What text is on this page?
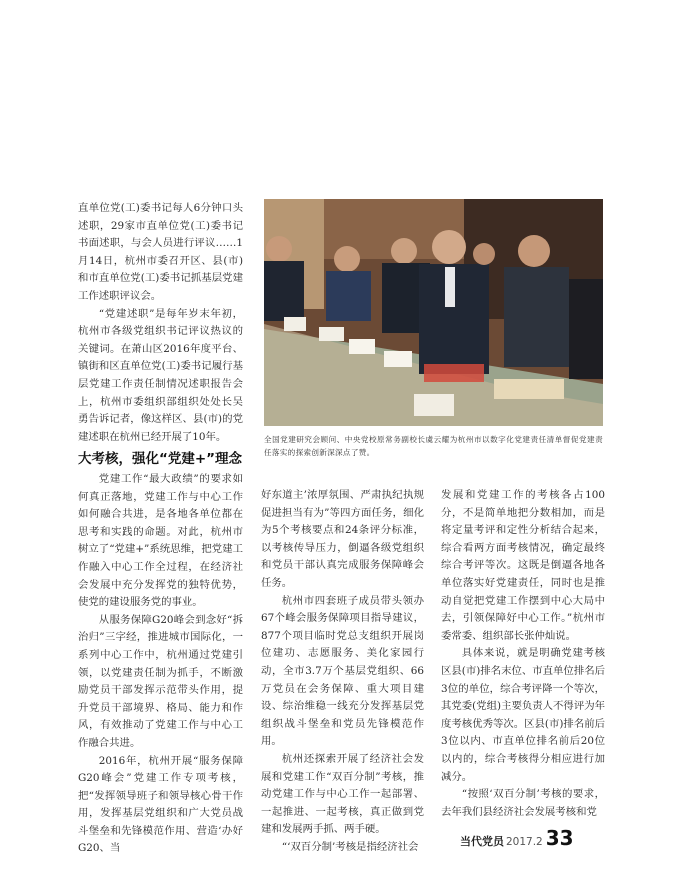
直单位党(工)委书记每人6分钟口头述职，29家市直单位党(工)委书记书面述职，与会人员进行评议……1月14日，杭州市委召开区、县(市)和市直单位党(工)委书记抓基层党建工作述职评议会。

“党建述职”是每年岁末年初，杭州市各级党组织书记评议热议的关键词。在萧山区2016年度平台、镇街和区直单位党(工)委书记履行基层党建工作责任制情况述职报告会上，杭州市委组织部组织处处长吴勇告诉记者，像这样区、县(市)的党建述职在杭州已经开展了10年。

大考核，强化“党建+”理念

党建工作“最大政绩”的要求如何真正落地，党建工作与中心工作如何融合共进，是各地各单位都在思考和实践的命题。对此，杭州市树立了“党建+”系统思维，把党建工作融入中心工作全过程，在经济社会发展中充分发挥党的独特优势，使党的建设服务党的事业。

从服务保障G20峰会到念好“拆治归”三字经，推进城市国际化，一系列中心工作中，杭州通过党建引领，以党建责任制为抓手，不断激励党员干部发挥示范带头作用，提升党员干部境界、格局、能力和作风，有效推动了党建工作与中心工作融合共进。

2016年，杭州开展“服务保障G20峰会”党建工作专项考核，把“发挥领导班子和领导核心骨干作用，发挥基层党组织和广大党员战斗堡垒和先锋模范作用、营造‘办好G20、当

全国党建研究会顾问、中央党校原常务副校长虞云耀为杭州市以数字化党建责任清单督促党建责任落实的探索创新深深点了赞。

好东道主’浓厚氛围、严肃执纪执规促进担当有为”等四方面任务，细化为5个考核要点和24条评分标准，以考核传导压力，倒逼各级党组织和党员干部认真完成服务保障峰会任务。

杭州市四套班子成员带头领办67个峰会服务保障项目指导建议，877个项目临时党总支组织开展岗位建功、志愿服务、美化家园行动，全市3.7万个基层党组织、66万党员在会务保障、重大项目建设、综治维稳一线充分发挥基层党组织战斗堡垒和党员先锋模范作用。

杭州还探索开展了经济社会发展和党建工作“双百分制”考核，推动党建工作与中心工作一起部署、一起推进、一起考核，真正做到党建和发展两手抓、两手硬。

“‘双百分制’考核是指经济社会

发展和党建工作的考核各占100分，不是简单地把分数相加，而是将定量考评和定性分析结合起来，综合看两方面考核情况，确定最终综合考评等次。这既是倒逼各地各单位落实好党建责任，同时也是推动自觉把党建工作摆到中心大局中去，引领保障好中心工作。”杭州市委常委、组织部长张仲灿说。

具体来说，就是明确党建考核区县(市)排名末位、市直单位排名后3位的单位，综合考评降一个等次，其党委(党组)主要负责人不得评为年度考核优秀等次。区县(市)排名前后3位以内、市直单位排名前后20位以内的，综合考核得分相应进行加减分。

“按照‘双百分制’考核的要求，去年我们县经济社会发展考核和党

当代党员 2017.2 33
